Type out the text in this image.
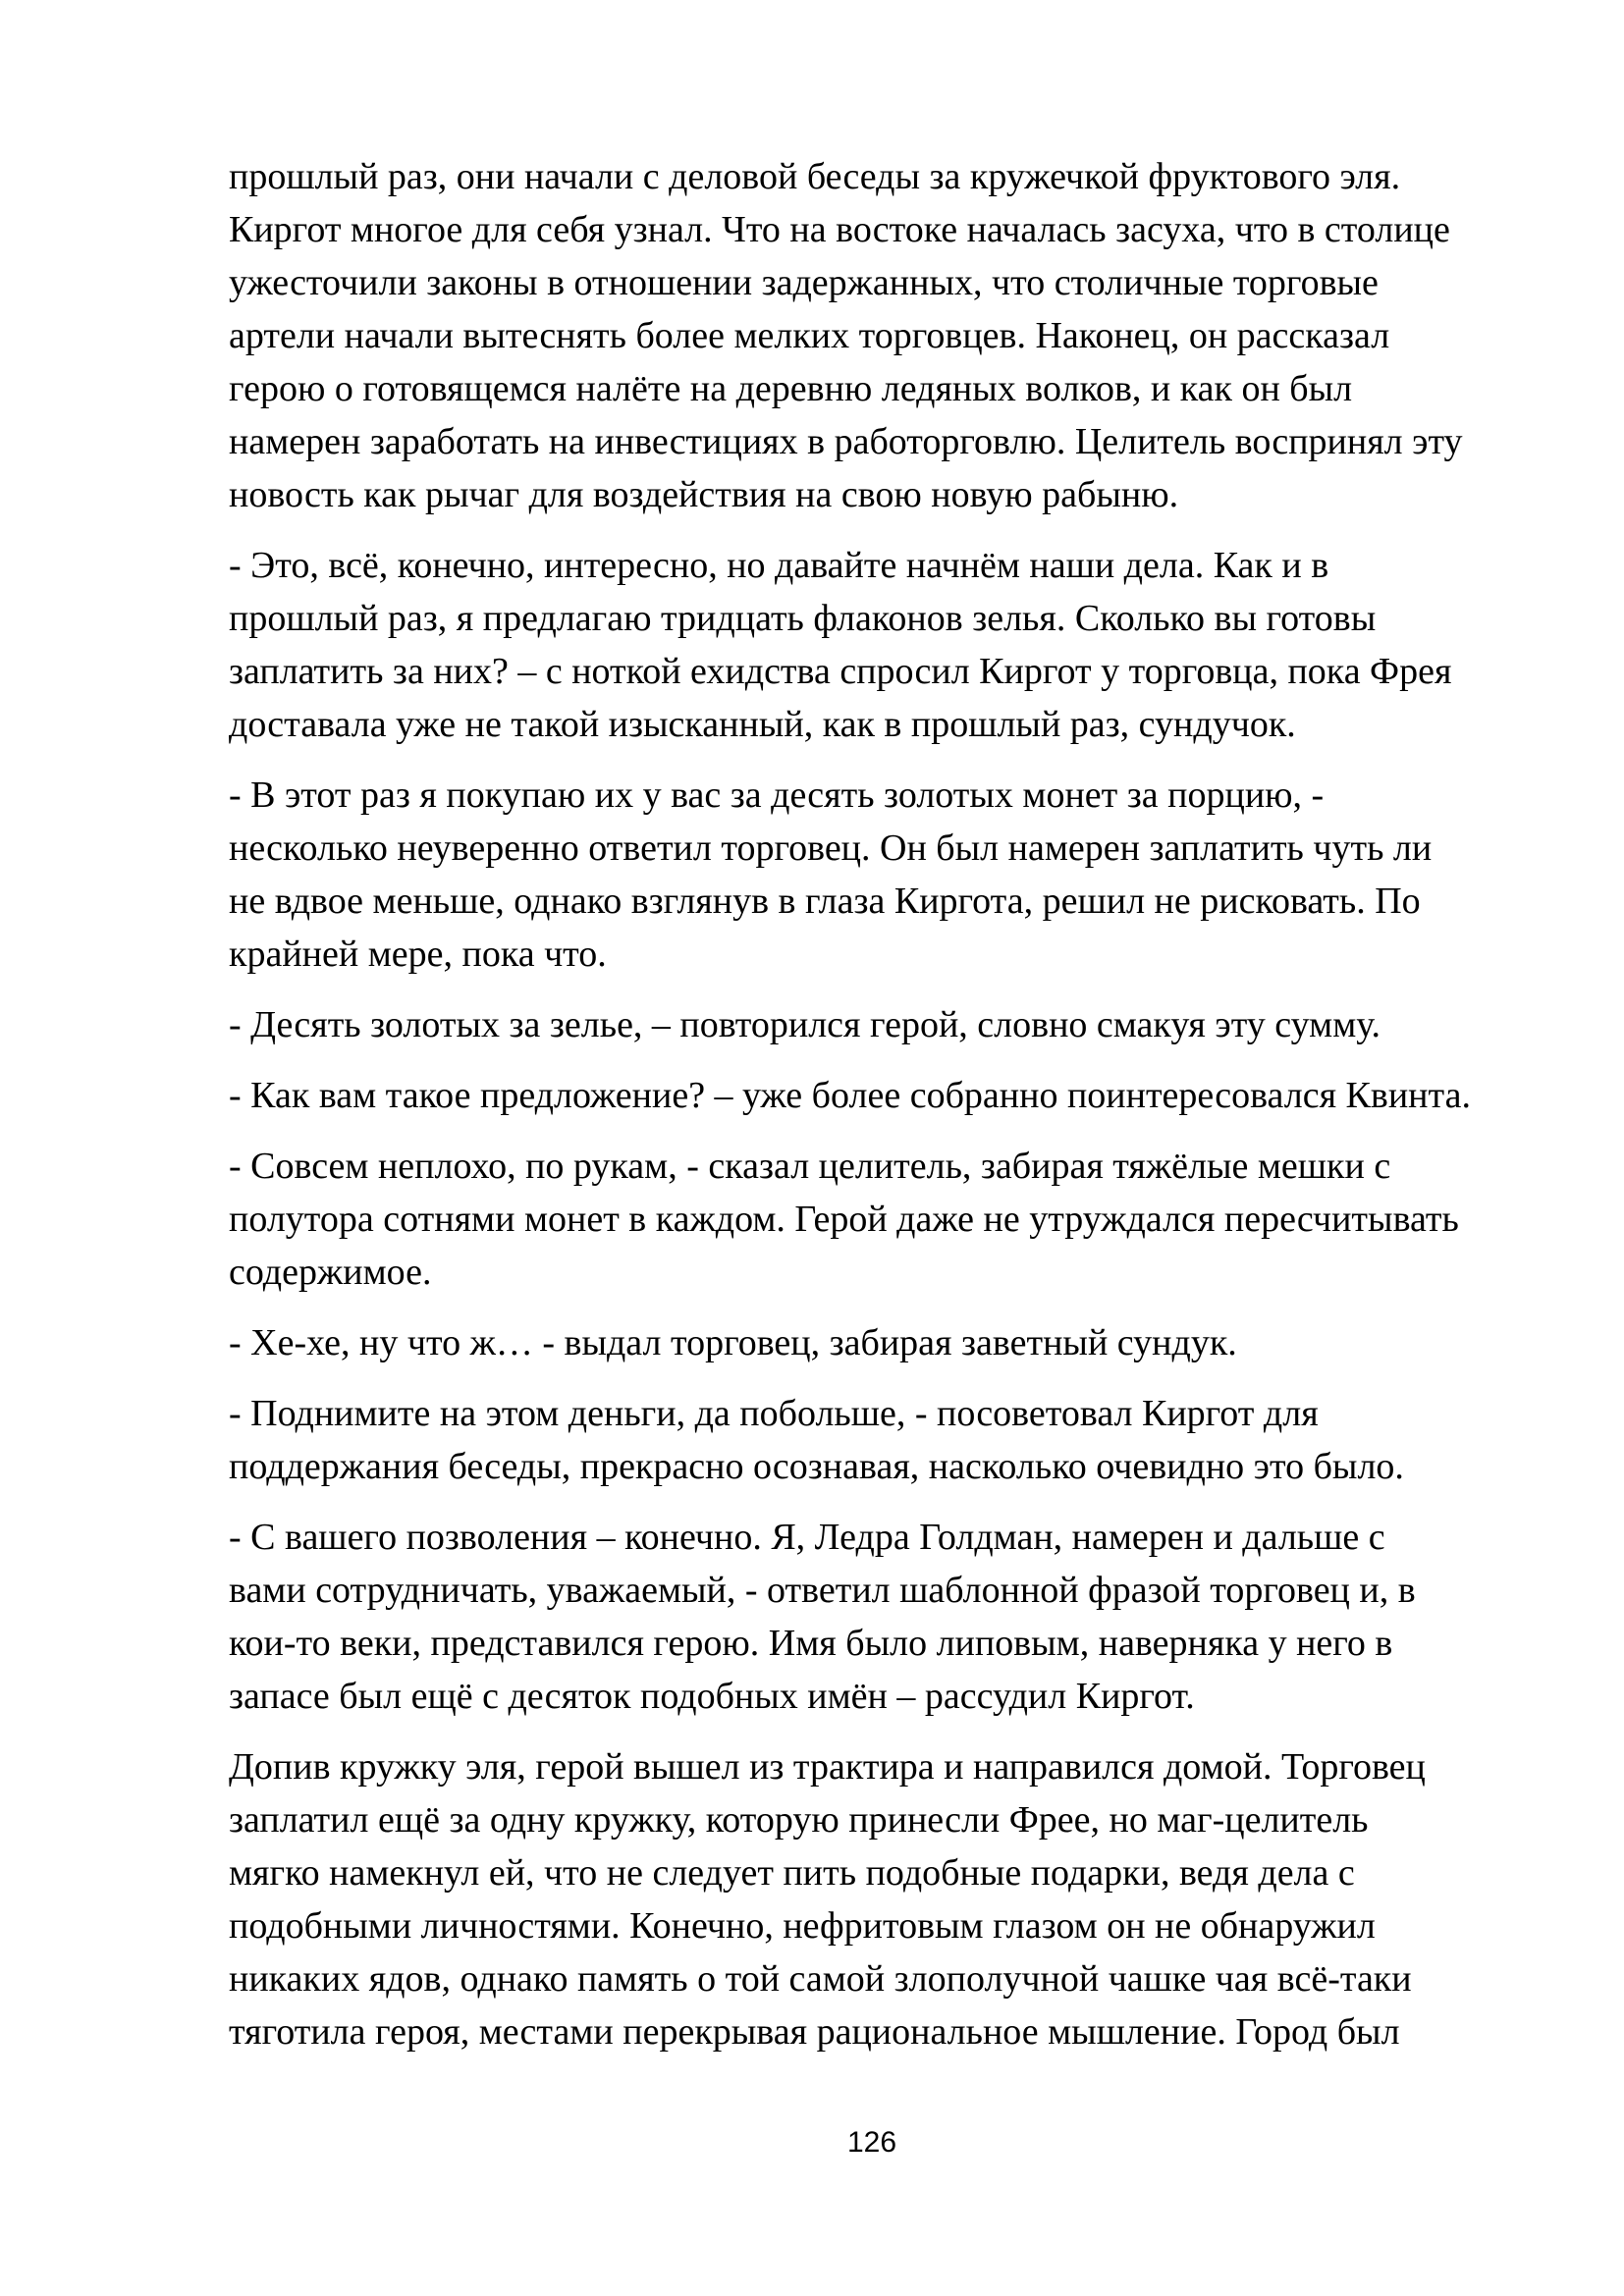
прошлый раз, они начали с деловой беседы за кружечкой фруктового эля.
Киргот многое для себя узнал. Что на востоке началась засуха, что в столице
ужесточили законы в отношении задержанных, что столичные торговые
артели начали вытеснять более мелких торговцев. Наконец, он рассказал
герою о готовящемся налёте на деревню ледяных волков, и как он был
намерен заработать на инвестициях в работорговлю. Целитель воспринял эту
новость как рычаг для воздействия на свою новую рабыню.

- Это, всё, конечно, интересно, но давайте начнём наши дела. Как и в
прошлый раз, я предлагаю тридцать флаконов зелья. Сколько вы готовы
заплатить за них? – с ноткой ехидства спросил Киргот у торговца, пока Фрея
доставала уже не такой изысканный, как в прошлый раз, сундучок.

- В этот раз я покупаю их у вас за десять золотых монет за порцию, -
несколько неуверенно ответил торговец. Он был намерен заплатить чуть ли
не вдвое меньше, однако взглянув в глаза Киргота, решил не рисковать. По
крайней мере, пока что.

- Десять золотых за зелье, – повторился герой, словно смакуя эту сумму.

- Как вам такое предложение? – уже более собранно поинтересовался Квинта.

- Совсем неплохо, по рукам, - сказал целитель, забирая тяжёлые мешки с
полутора сотнями монет в каждом. Герой даже не утруждался пересчитывать
содержимое.

- Хе-хе, ну что ж… - выдал торговец, забирая заветный сундук.

- Поднимите на этом деньги, да побольше, - посоветовал Киргот для
поддержания беседы, прекрасно осознавая, насколько очевидно это было.

- С вашего позволения – конечно. Я, Ледра Голдман, намерен и дальше с
вами сотрудничать, уважаемый, - ответил шаблонной фразой торговец и, в
кои-то веки, представился герою. Имя было липовым, наверняка у него в
запасе был ещё с десяток подобных имён – рассудил Киргот.

Допив кружку эля, герой вышел из трактира и направился домой. Торговец
заплатил ещё за одну кружку, которую принесли Фрее, но маг-целитель
мягко намекнул ей, что не следует пить подобные подарки, ведя дела с
подобными личностями. Конечно, нефритовым глазом он не обнаружил
никаких ядов, однако память о той самой злополучной чашке чая всё-таки
тяготила героя, местами перекрывая рациональное мышление. Город был

126
